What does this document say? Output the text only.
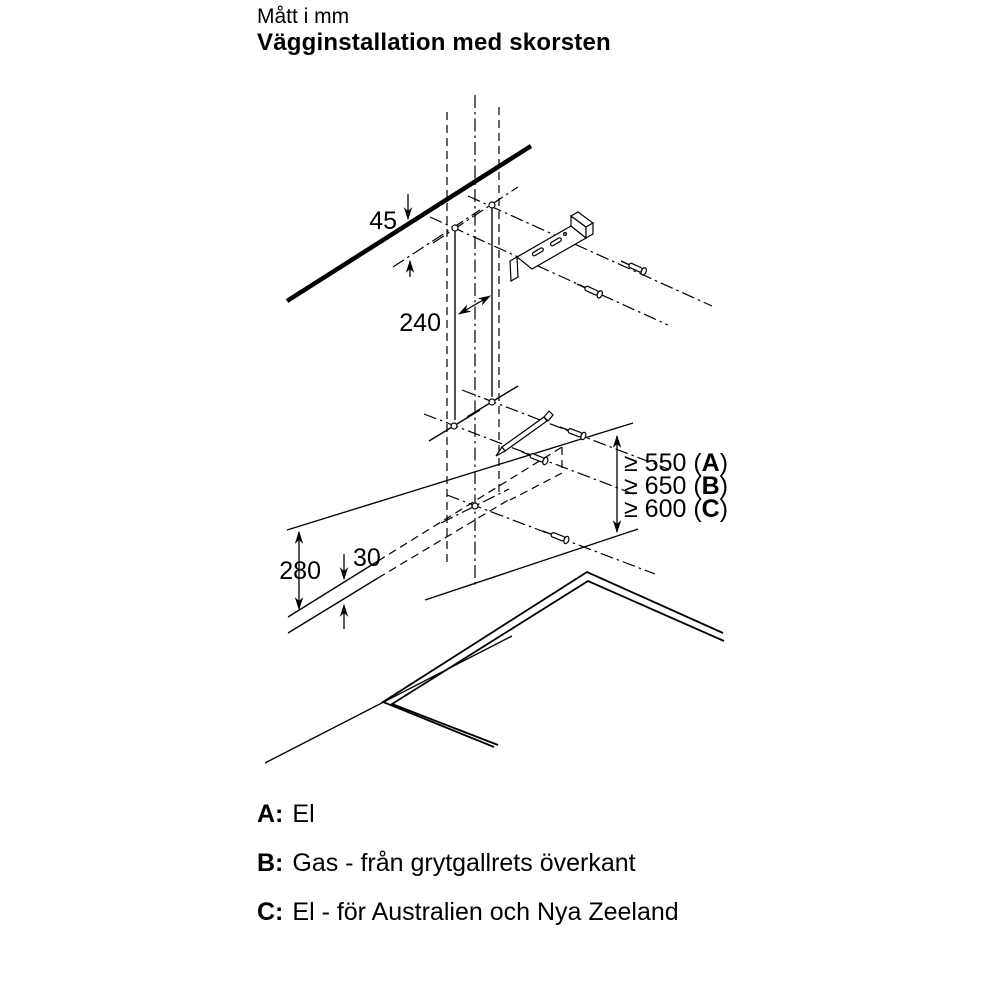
Mått i mm
Vägginstallation med skorsten
45
240
280 30
≥ 550 (A)
≥ 650 (B)
≥ 600 (C)
A: El
B: Gas - från grytgallrets överkant
C: El - för Australien och Nya Zeeland
